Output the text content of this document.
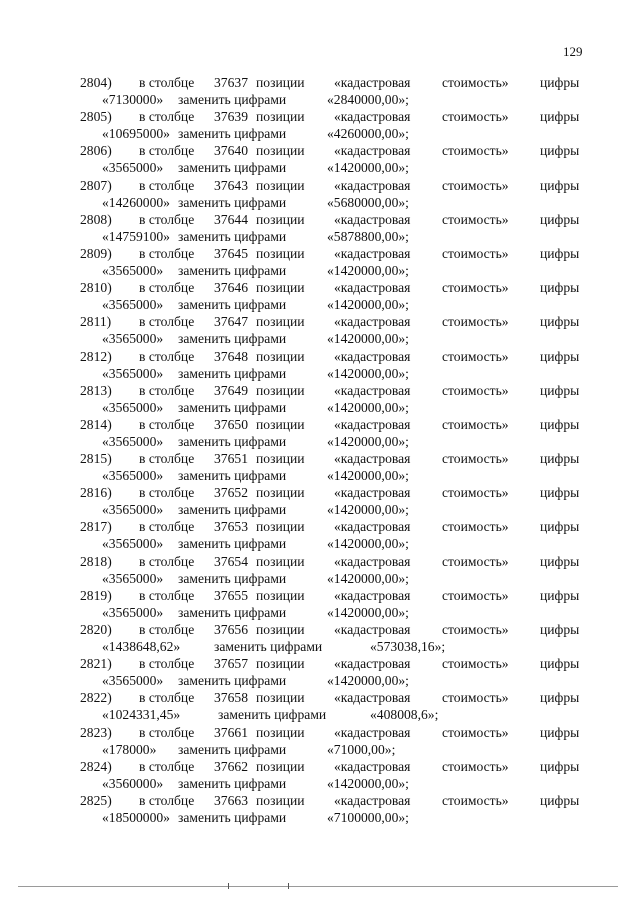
129
2804) в столбце 37637 позиции «кадастровая стоимость» цифры
«7130000» заменить цифрами	«2840000,00»;
2805) в столбце 37639 позиции «кадастровая стоимость» цифры
«10695000» заменить цифрами	«4260000,00»;
2806) в столбце 37640 позиции «кадастровая стоимость» цифры
«3565000» заменить цифрами	«1420000,00»;
2807) в столбце 37643 позиции «кадастровая стоимость» цифры
«14260000» заменить цифрами	«5680000,00»;
2808) в столбце 37644 позиции «кадастровая стоимость» цифры
«14759100» заменить цифрами	«5878800,00»;
2809) в столбце 37645 позиции «кадастровая стоимость» цифры
«3565000» заменить цифрами	«1420000,00»;
2810) в столбце 37646 позиции «кадастровая стоимость» цифры
«3565000» заменить цифрами	«1420000,00»;
2811) в столбце 37647 позиции «кадастровая стоимость» цифры
«3565000» заменить цифрами	«1420000,00»;
2812) в столбце 37648 позиции «кадастровая стоимость» цифры
«3565000» заменить цифрами	«1420000,00»;
2813) в столбце 37649 позиции «кадастровая стоимость» цифры
«3565000» заменить цифрами	«1420000,00»;
2814) в столбце 37650 позиции «кадастровая стоимость» цифры
«3565000» заменить цифрами	«1420000,00»;
2815) в столбце 37651 позиции «кадастровая стоимость» цифры
«3565000» заменить цифрами	«1420000,00»;
2816) в столбце 37652 позиции «кадастровая стоимость» цифры
«3565000» заменить цифрами	«1420000,00»;
2817) в столбце 37653 позиции «кадастровая стоимость» цифры
«3565000» заменить цифрами	«1420000,00»;
2818) в столбце 37654 позиции «кадастровая стоимость» цифры
«3565000» заменить цифрами	«1420000,00»;
2819) в столбце 37655 позиции «кадастровая стоимость» цифры
«3565000» заменить цифрами	«1420000,00»;
2820) в столбце 37656 позиции «кадастровая стоимость» цифры
«1438648,62» заменить цифрами	«573038,16»;
2821) в столбце 37657 позиции «кадастровая стоимость» цифры
«3565000» заменить цифрами	«1420000,00»;
2822) в столбце 37658 позиции «кадастровая стоимость» цифры
«1024331,45»	заменить цифрами	«408008,6»;
2823) в столбце 37661 позиции «кадастровая стоимость» цифры
«178000» заменить цифрами	«71000,00»;
2824) в столбце 37662 позиции «кадастровая стоимость» цифры
«3560000» заменить цифрами	«1420000,00»;
2825) в столбце 37663 позиции «кадастровая стоимость» цифры
«18500000» заменить цифрами	«7100000,00»;
